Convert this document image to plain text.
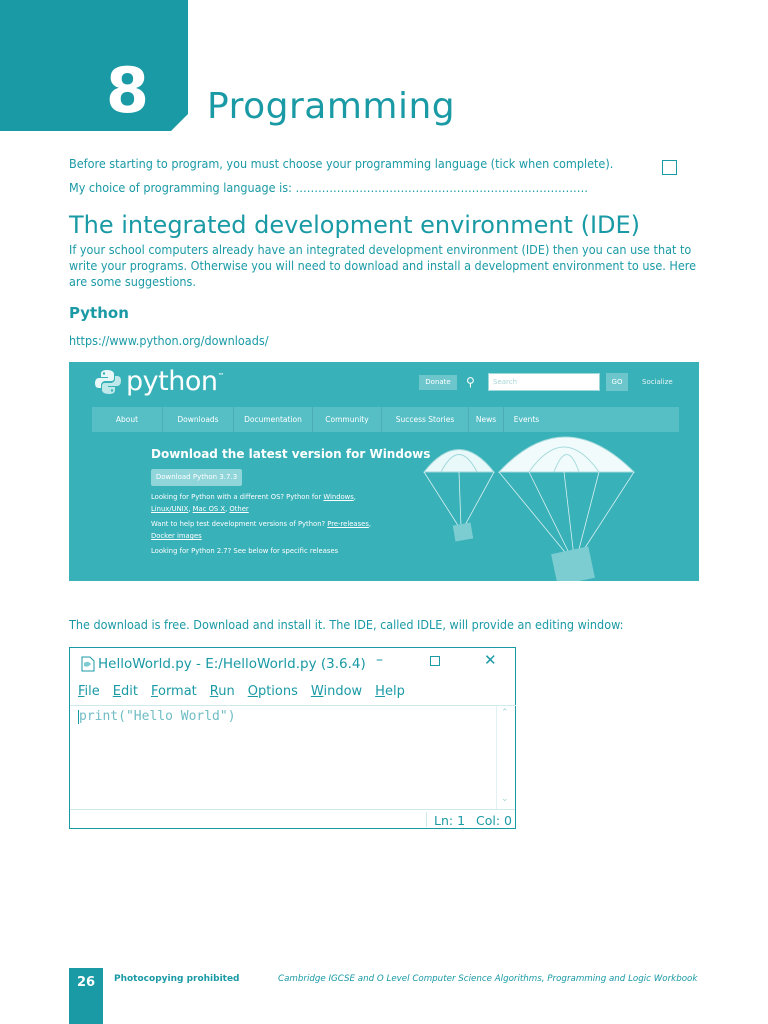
8	Programming
Before starting to program, you must choose your programming language (tick when complete).
My choice of programming language is: ……………………………………………………………………
The integrated development environment (IDE)
If your school computers already have an integrated development environment (IDE) then you can use that to write your programs. Otherwise you will need to download and install a development environment to use. Here are some suggestions.
Python
https://www.python.org/downloads/
python ™
Donate	⚲	Search	GO	Socialize
About	Downloads	Documentation	Community	Success Stories	News	Events
Download the latest version for Windows
Download Python 3.7.3
Looking for Python with a different OS? Python for Windows,
Linux/UNIX, Mac OS X, Other
Want to help test development versions of Python? Pre-releases,
Docker images
Looking for Python 2.7? See below for specific releases
The download is free. Download and install it. The IDE, called IDLE, will provide an editing window:
HelloWorld.py - E:/HelloWorld.py (3.6.4) –	✕
File Edit Format Run Options Window Help
print("Hello World")	⌃
⌄
Ln: 1 Col: 0
26	Photocopying prohibited	Cambridge IGCSE and O Level Computer Science Algorithms, Programming and Logic Workbook
